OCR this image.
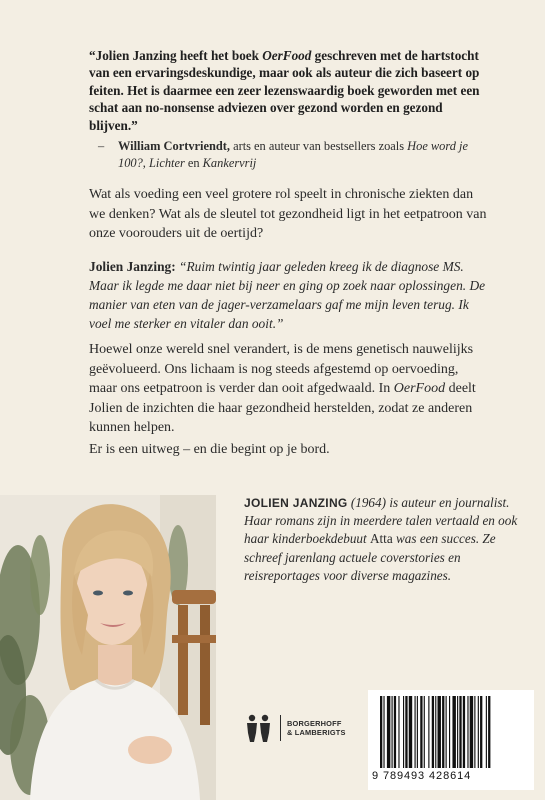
“Jolien Janzing heeft het boek OerFood geschreven met de hartstocht van een ervaringsdeskundige, maar ook als auteur die zich baseert op feiten. Het is daarmee een zeer lezenswaardig boek geworden met een schat aan no-nonsense adviezen over gezond worden en gezond blijven.”
– William Cortvriendt, arts en auteur van bestsellers zoals Hoe word je 100?, Lichter en Kankervrij
Wat als voeding een veel grotere rol speelt in chronische ziekten dan we denken? Wat als de sleutel tot gezondheid ligt in het eetpatroon van onze voorouders uit de oertijd?
Jolien Janzing: “Ruim twintig jaar geleden kreeg ik de diagnose MS. Maar ik legde me daar niet bij neer en ging op zoek naar oplossingen. De manier van eten van de jager-verzamelaars gaf me mijn leven terug. Ik voel me sterker en vitaler dan ooit.”
Hoewel onze wereld snel verandert, is de mens genetisch nauwelijks geëvolueerd. Ons lichaam is nog steeds afgestemd op oervoeding, maar ons eetpatroon is verder dan ooit afgedwaald. In OerFood deelt Jolien de inzichten die haar gezondheid herstelden, zodat ze anderen kunnen helpen.
Er is een uitweg – en die begint op je bord.
JOLIEN JANZING (1964) is auteur en journalist. Haar romans zijn in meerdere talen vertaald en ook haar kinderboekdebuut Atta was een succes. Ze schreef jarenlang actuele coverstories en reisreportages voor diverse magazines.
BORGERHOFF
& LAMBERIGTS
9 789493 428614
